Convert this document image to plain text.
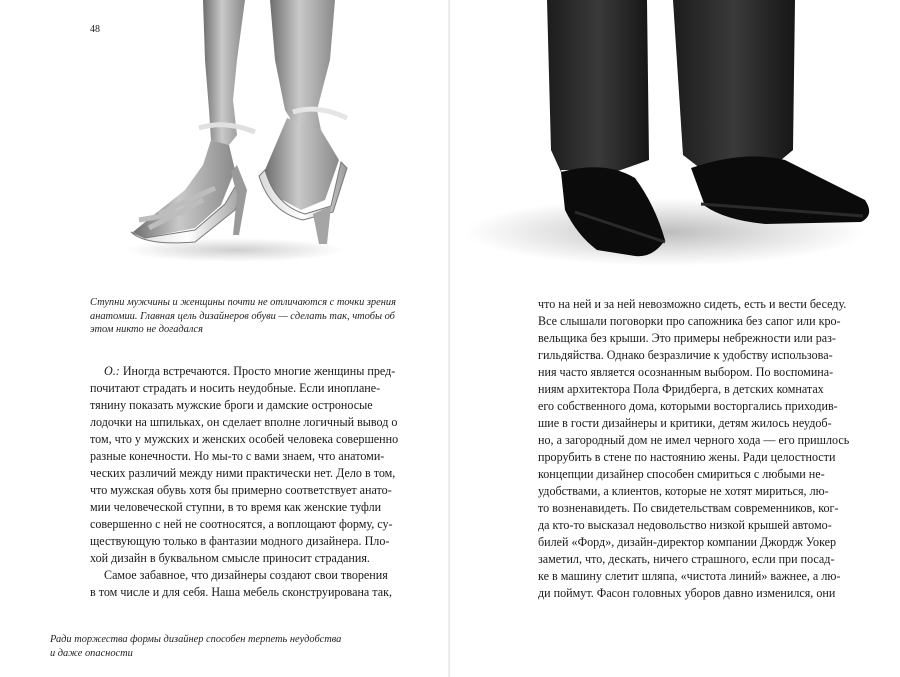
48
Ступни мужчины и женщины почти не отличаются с точки зрения
анатомии. Главная цель дизайнеров обуви — сделать так, чтобы об
этом никто не догадался
О.: Иногда встречаются. Просто многие женщины пред-
почитают страдать и носить неудобные. Если инопланe-
тянину показать мужские броги и дамские остроносые
лодочки на шпильках, он сделает вполне логичный вывод о
том, что у мужских и женских особей человека совершенно
разные конечности. Но мы-то с вами знаем, что анатоми-
ческих различий между ними практически нет. Дело в том,
что мужская обувь хотя бы примерно соответствует анато-
мии человеческой ступни, в то время как женские туфли
совершенно с ней не соотносятся, а воплощают форму, су-
ществующую только в фантазии модного дизайнера. Пло-
хой дизайн в буквальном смысле приносит страдания.
Самое забавное, что дизайнеры создают свои творения
в том числе и для себя. Наша мебель сконструирована так,
Ради торжества формы дизайнер способен терпеть неудобства
и даже опасности
что на ней и за ней невозможно сидеть, есть и вести беседу.
Все слышали поговорки про сапожника без сапог или кро-
вельщика без крыши. Это примеры небрежности или раз-
гильдяйства. Однако безразличие к удобству использова-
ния часто является осознанным выбором. По воспомина-
ниям архитектора Пола Фридберга, в детских комнатах
его собственного дома, которыми восторгались приходив-
шие в гости дизайнеры и критики, детям жилось неудоб-
но, а загородный дом не имел черного хода — его пришлось
прорубить в стене по настоянию жены. Ради целостности
концепции дизайнер способен смириться с любыми не-
удобствами, а клиентов, которые не хотят мириться, лю-
то возненавидеть. По свидетельствам современников, ког-
да кто-то высказал недовольство низкой крышей автомо-
билей «Форд», дизайн-директор компании Джордж Уокер
заметил, что, дескать, ничего страшного, если при посад-
ке в машину слетит шляпа, «чистота линий» важнее, а лю-
ди поймут. Фасон головных уборов давно изменился, они
